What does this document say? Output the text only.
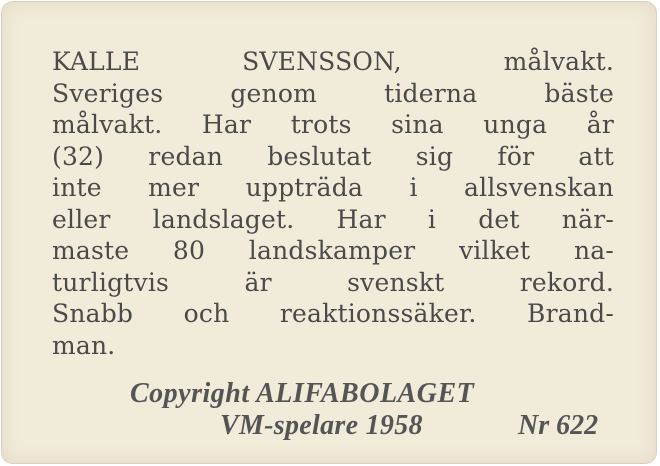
KALLE SVENSSON, målvakt.
Sveriges genom tiderna bäste
målvakt. Har trots sina unga år
(32) redan beslutat sig för att
inte mer uppträda i allsvenskan
eller landslaget. Har i det när-
maste 80 landskamper vilket na-
turligtvis är svenskt rekord.
Snabb och reaktionssäker. Brand-
man.
Copyright ALIFABOLAGET
VM-spelare 1958	Nr 622
